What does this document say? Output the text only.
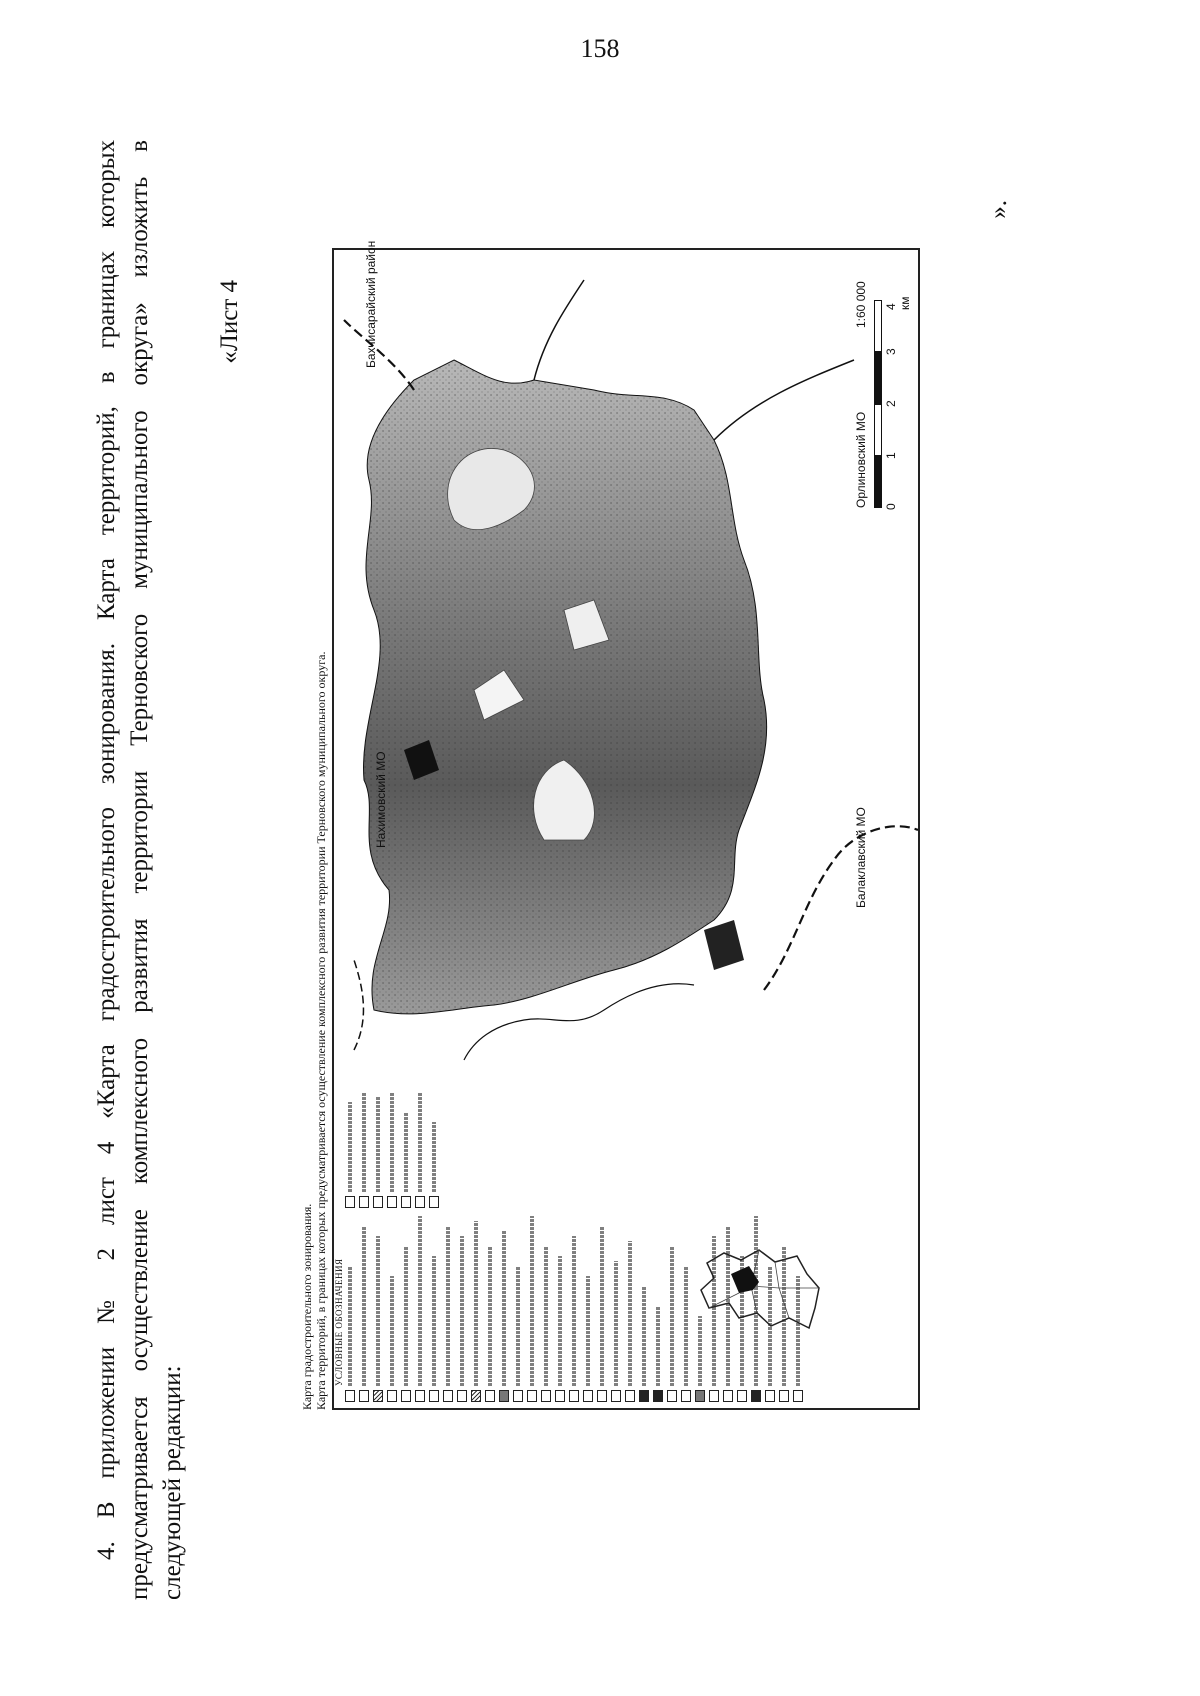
158
4. В приложении № 2 лист 4 «Карта градостроительного зонирования. Карта территорий, в границах которых предусматривается осуществление комплексного развития территории Терновского муниципального округа» изложить в следующей редакции:
«Лист 4
Карта градостроительного зонирования. Карта территорий, в границах которых предусматривается осуществление комплексного развития территории Терновского муниципального округа. УСЛОВНЫЕ ОБОЗНАЧЕНИЯ
Нахимовский МО
Балаклавский МО
Орлиновский МО
Бахчисарайский район
0
1
2
3
4 км
1:60 000
».
